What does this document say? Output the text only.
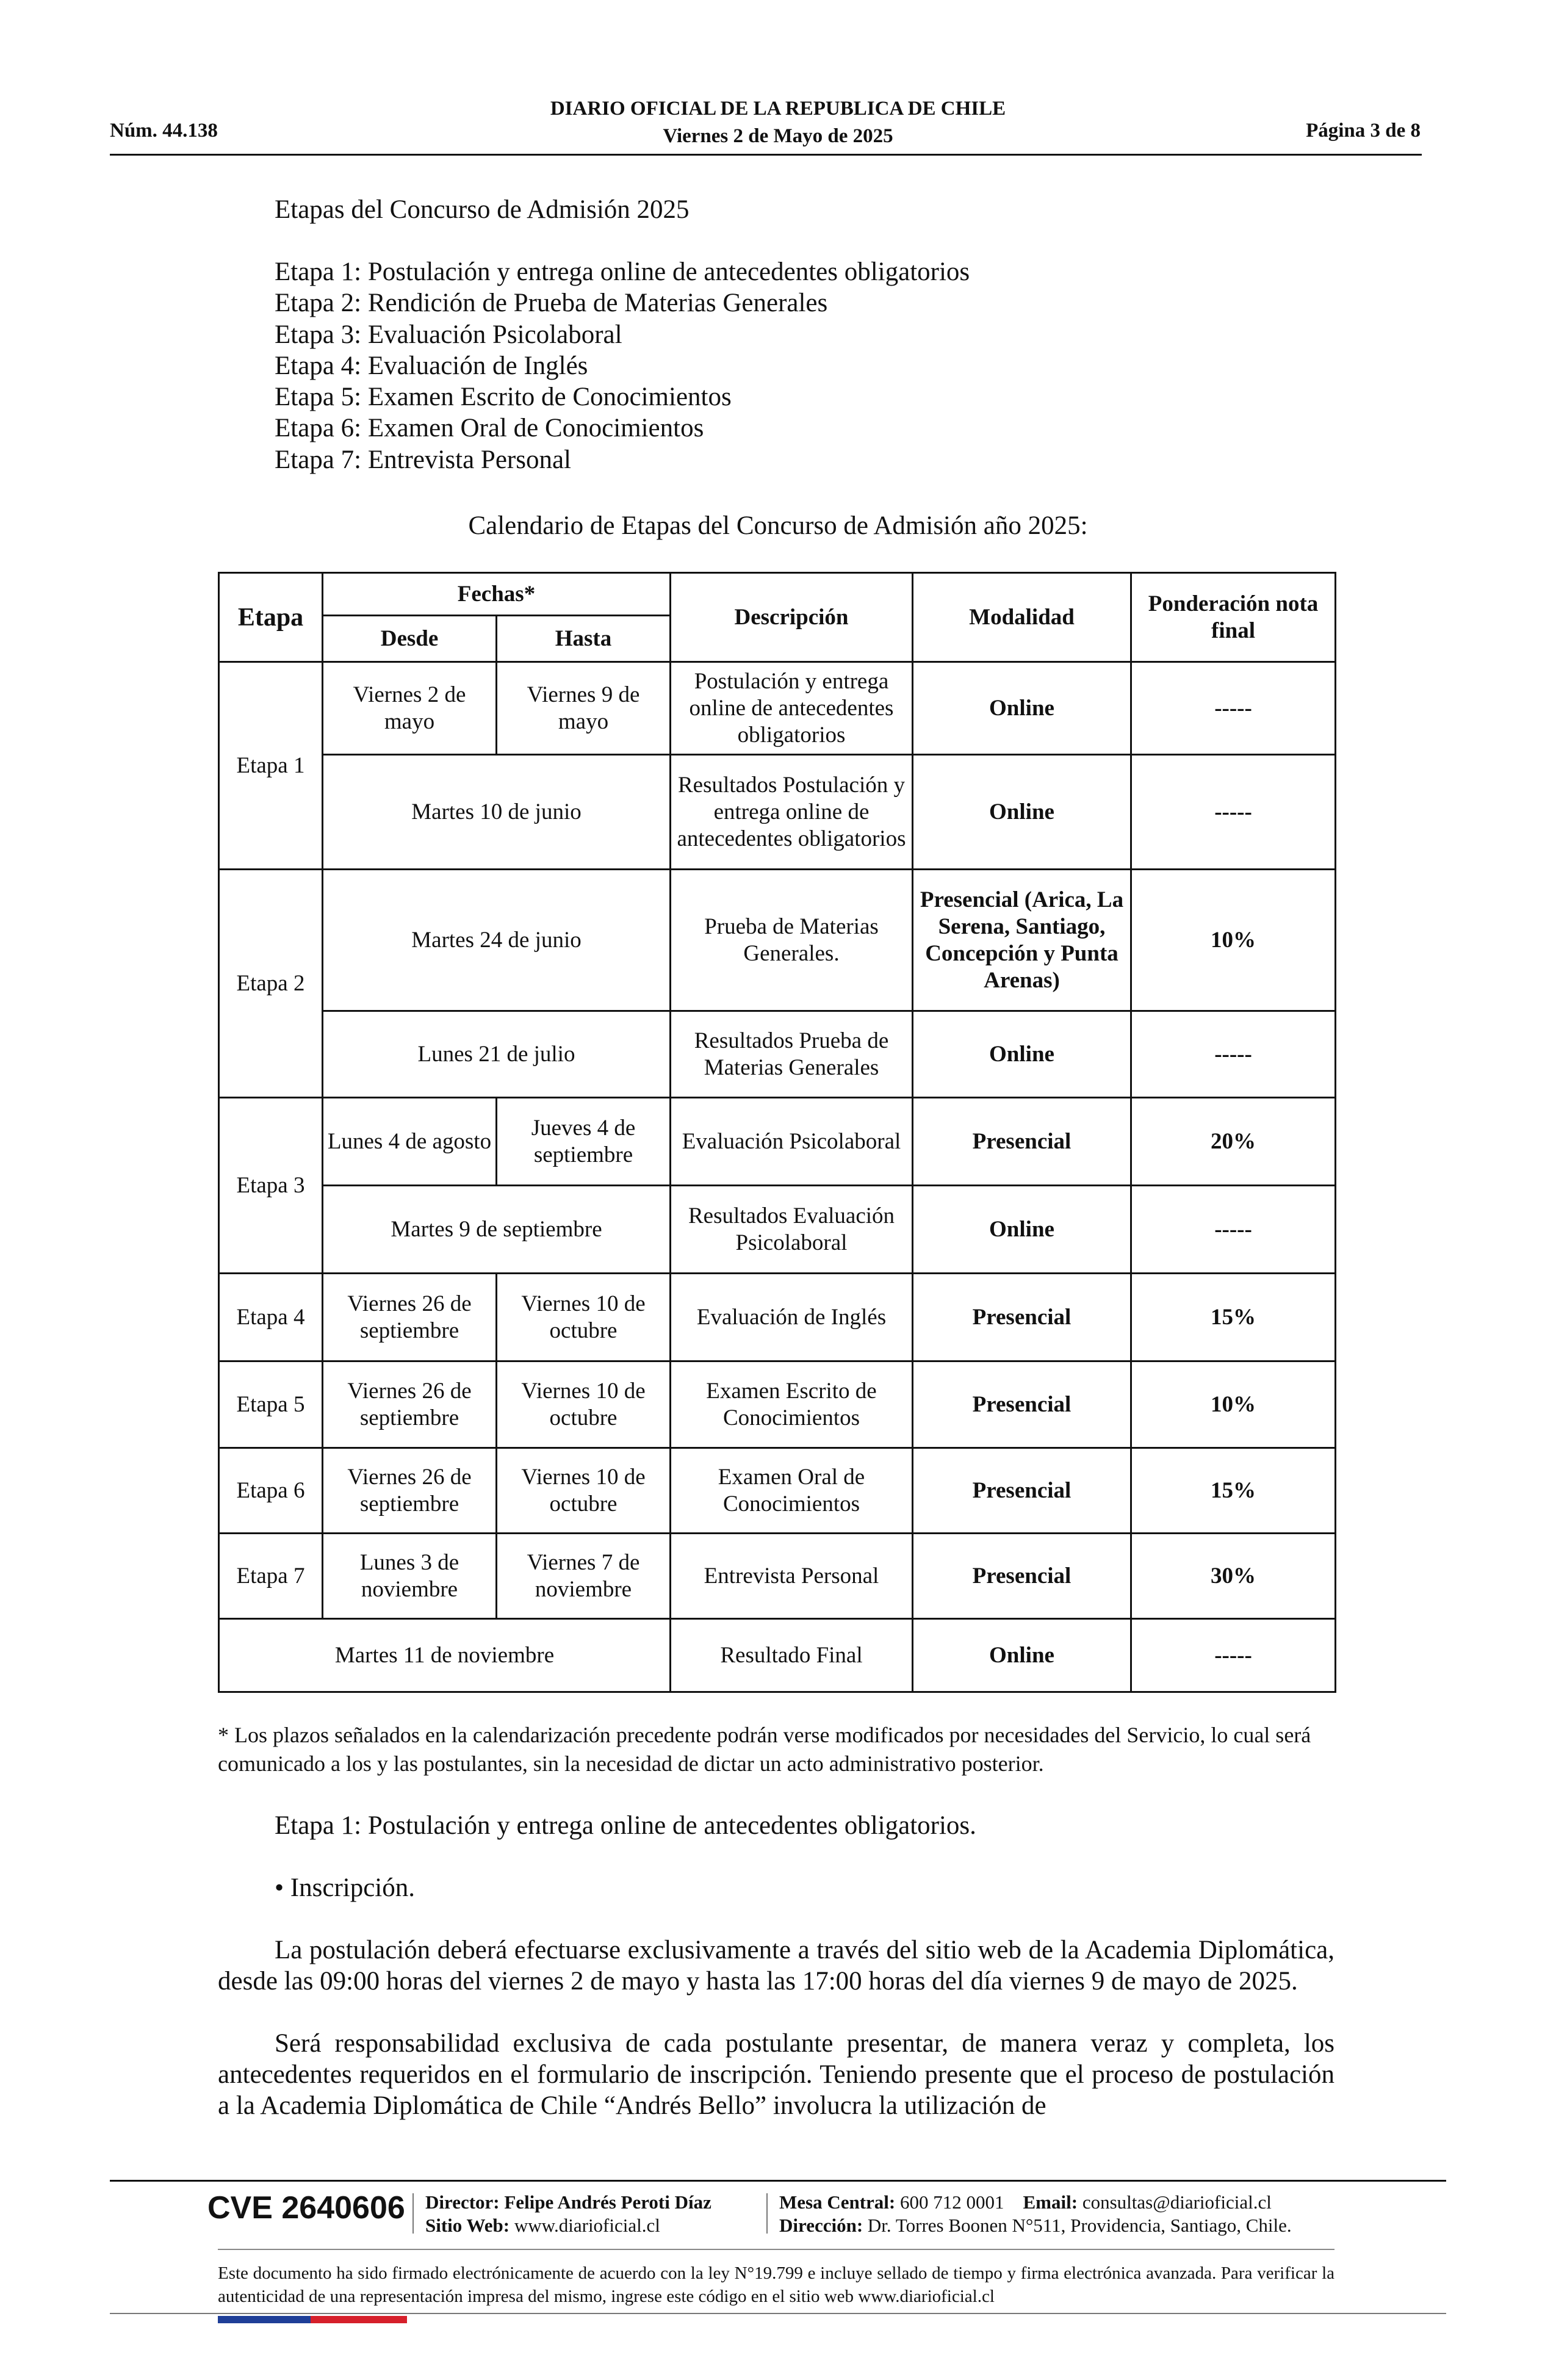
Núm. 44.138
DIARIO OFICIAL DE LA REPUBLICA DE CHILE
Viernes 2 de Mayo de 2025	Página 3 de 8
Etapas del Concurso de Admisión 2025
Etapa 1: Postulación y entrega online de antecedentes obligatorios
Etapa 2: Rendición de Prueba de Materias Generales
Etapa 3: Evaluación Psicolaboral
Etapa 4: Evaluación de Inglés
Etapa 5: Examen Escrito de Conocimientos
Etapa 6: Examen Oral de Conocimientos
Etapa 7: Entrevista Personal
Calendario de Etapas del Concurso de Admisión año 2025:
Etapa	Fechas*		Descripción	Modalidad	Ponderación nota final
	Desde	Hasta			
Etapa 1	Viernes 2 de mayo	Viernes 9 de mayo	Postulación y entrega online de antecedentes obligatorios	Online	-----
	Martes 10 de junio		Resultados Postulación y entrega online de antecedentes obligatorios	Online	-----
Etapa 2	Martes 24 de junio		Prueba de Materias Generales.	Presencial (Arica, La Serena, Santiago, Concepción y Punta Arenas)	10%
	Lunes 21 de julio		Resultados Prueba de Materias Generales	Online	-----
Etapa 3	Lunes 4 de agosto	Jueves 4 de septiembre	Evaluación Psicolaboral	Presencial	20%
	Martes 9 de septiembre		Resultados Evaluación Psicolaboral	Online	-----
Etapa 4	Viernes 26 de septiembre	Viernes 10 de octubre	Evaluación de Inglés	Presencial	15%
Etapa 5	Viernes 26 de septiembre	Viernes 10 de octubre	Examen Escrito de Conocimientos	Presencial	10%
Etapa 6	Viernes 26 de septiembre	Viernes 10 de octubre	Examen Oral de Conocimientos	Presencial	15%
Etapa 7	Lunes 3 de noviembre	Viernes 7 de noviembre	Entrevista Personal	Presencial	30%
Martes 11 de noviembre			Resultado Final	Online	-----
* Los plazos señalados en la calendarización precedente podrán verse modificados por necesidades del Servicio, lo cual será comunicado a los y las postulantes, sin la necesidad de dictar un acto administrativo posterior.
Etapa 1: Postulación y entrega online de antecedentes obligatorios.
• Inscripción.
La postulación deberá efectuarse exclusivamente a través del sitio web de la Academia Diplomática, desde las 09:00 horas del viernes 2 de mayo y hasta las 17:00 horas del día viernes 9 de mayo de 2025.
Será responsabilidad exclusiva de cada postulante presentar, de manera veraz y completa, los antecedentes requeridos en el formulario de inscripción. Teniendo presente que el proceso de postulación a la Academia Diplomática de Chile “Andrés Bello” involucra la utilización de
CVE 2640606 Director: Felipe Andrés Peroti Díaz
Sitio Web: www.diarioficial.cl
Mesa Central: 600 712 0001 Email: consultas@diarioficial.cl
Dirección: Dr. Torres Boonen N°511, Providencia, Santiago, Chile.
Este documento ha sido firmado electrónicamente de acuerdo con la ley N°19.799 e incluye sellado de tiempo y firma electrónica avanzada. Para verificar la autenticidad de una representación impresa del mismo, ingrese este código en el sitio web www.diarioficial.cl
